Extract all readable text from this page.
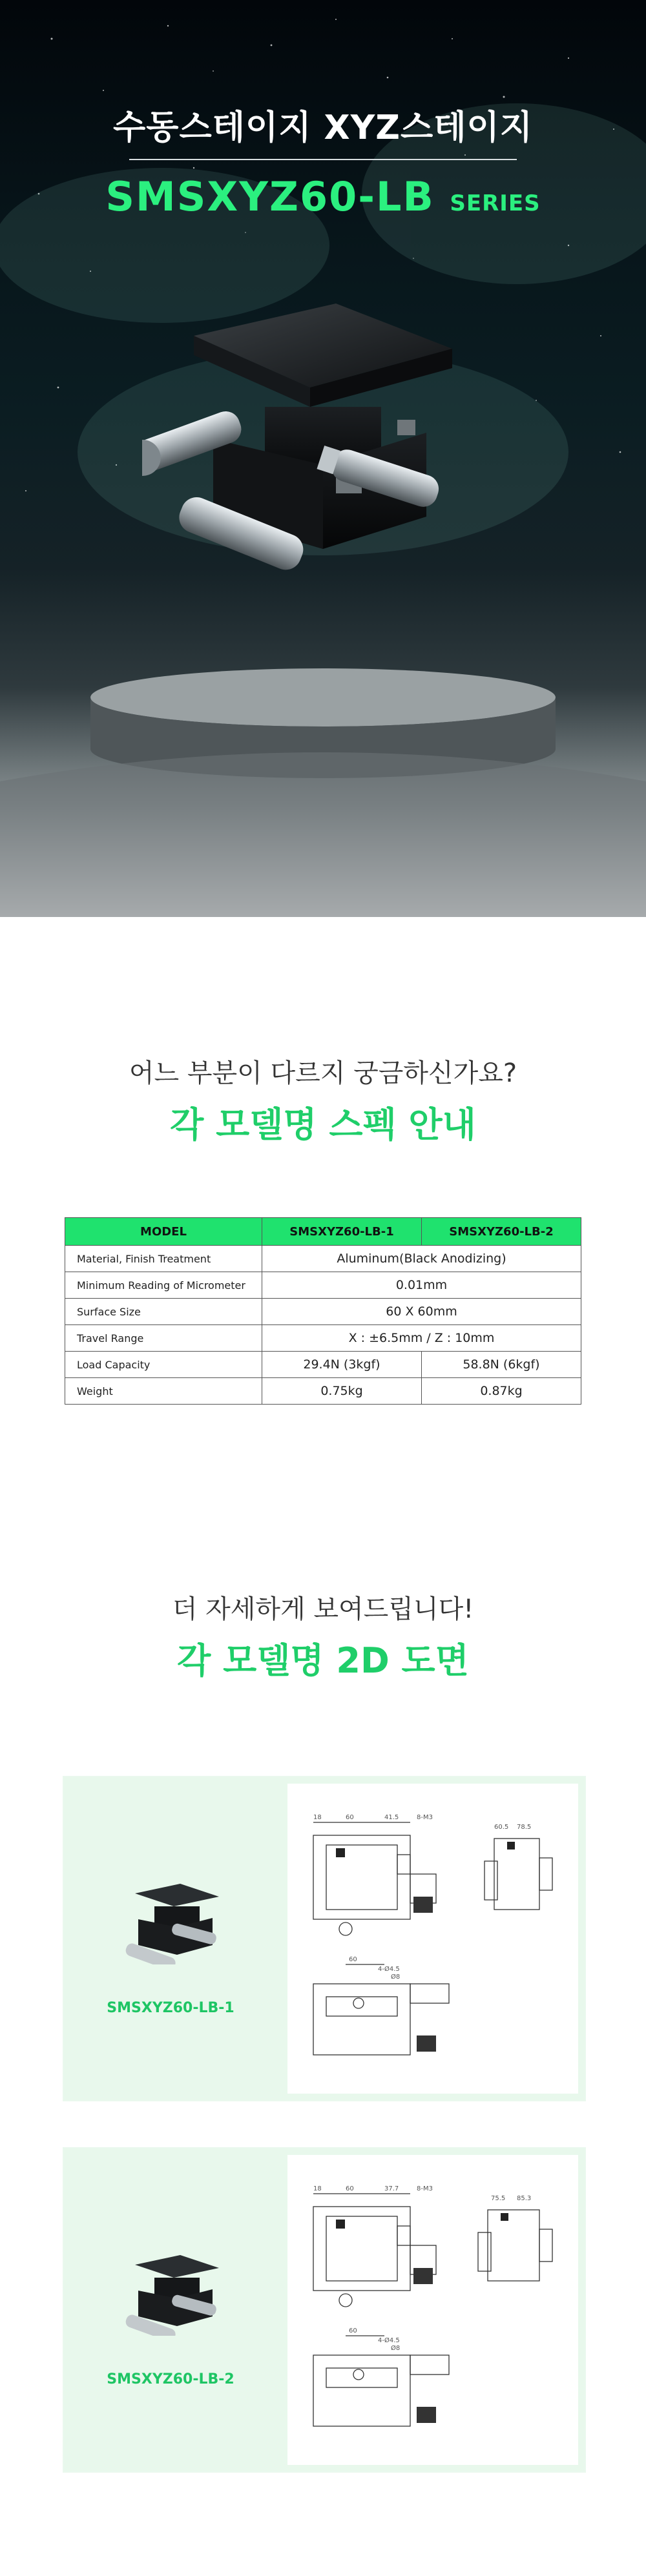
수동스테이지 XYZ스테이지
SMSXYZ60-LB SERIES
어느 부분이 다르지 궁금하신가요?
각 모델명 스펙 안내
MODEL	SMSXYZ60-LB-1	SMSXYZ60-LB-2
Material, Finish Treatment	Aluminum(Black Anodizing)	
Minimum Reading of Micrometer	0.01mm	
Surface Size	60 X 60mm	
Travel Range	X : ±6.5mm / Z : 10mm	
Load Capacity	29.4N (3kgf)	58.8N (6kgf)
Weight	0.75kg	0.87kg
더 자세하게 보여드립니다!
각 모델명 2D 도면
SMSXYZ60-LB-1
18	60	41.5	8-M3
60.5 78.5
60
4-Ø4.5
Ø8
SMSXYZ60-LB-2
18	60	37.7	8-M3
75.5 85.3
60
4-Ø4.5
Ø8
